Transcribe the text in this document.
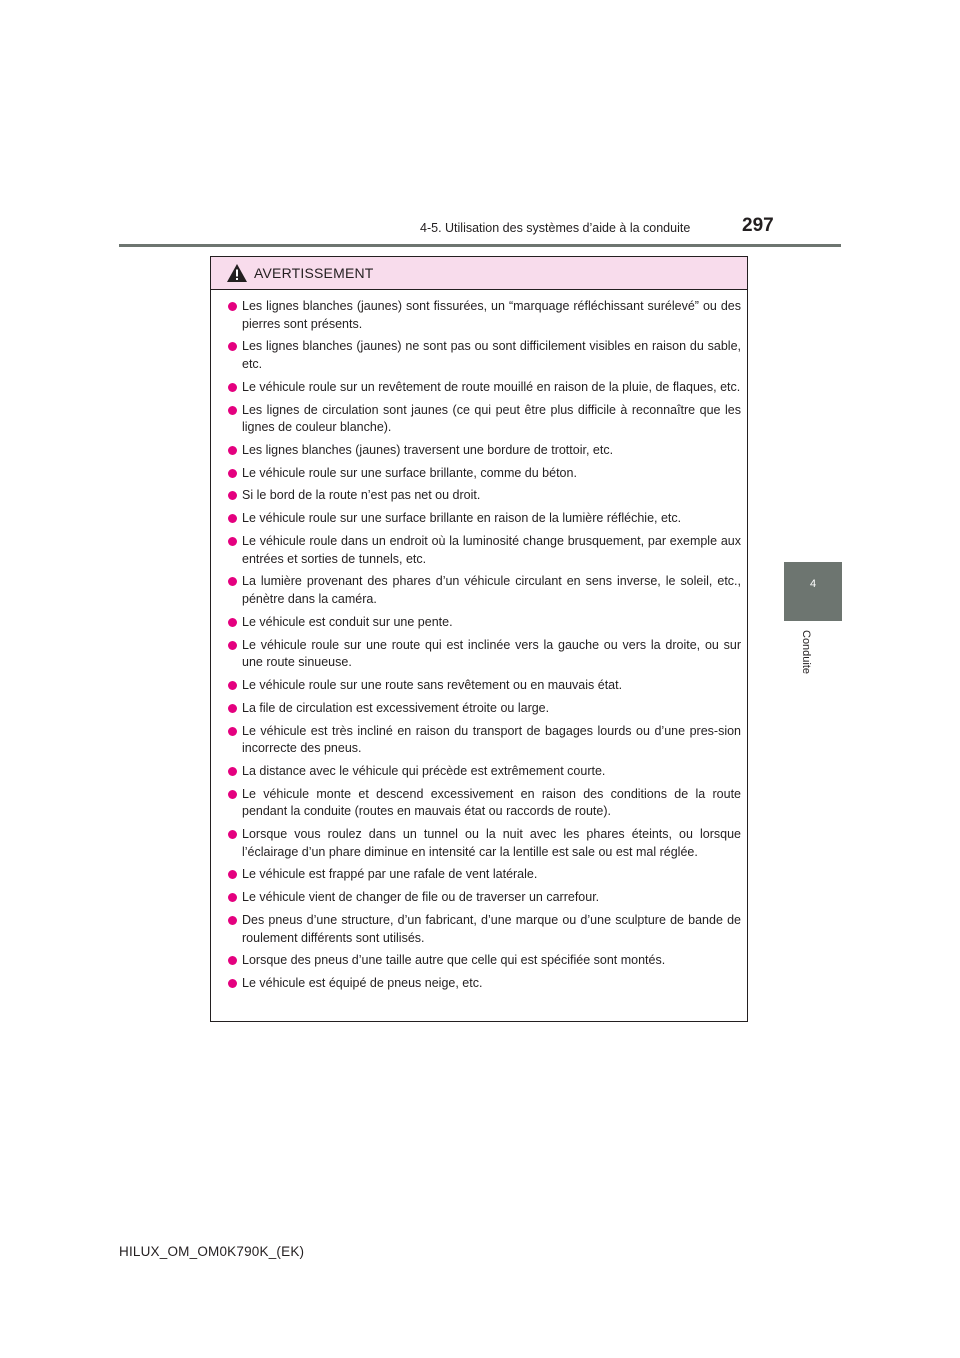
4-5. Utilisation des systèmes d’aide à la conduite	297
4
Conduite
AVERTISSEMENT
Les lignes blanches (jaunes) sont fissurées, un “marquage réfléchissant surélevé” ou des pierres sont présents.
Les lignes blanches (jaunes) ne sont pas ou sont difficilement visibles en raison du sable, etc.
Le véhicule roule sur un revêtement de route mouillé en raison de la pluie, de flaques, etc.
Les lignes de circulation sont jaunes (ce qui peut être plus difficile à reconnaître que les lignes de couleur blanche).
Les lignes blanches (jaunes) traversent une bordure de trottoir, etc.
Le véhicule roule sur une surface brillante, comme du béton.
Si le bord de la route n’est pas net ou droit.
Le véhicule roule sur une surface brillante en raison de la lumière réfléchie, etc.
Le véhicule roule dans un endroit où la luminosité change brusquement, par exemple aux entrées et sorties de tunnels, etc.
La lumière provenant des phares d’un véhicule circulant en sens inverse, le soleil, etc., pénètre dans la caméra.
Le véhicule est conduit sur une pente.
Le véhicule roule sur une route qui est inclinée vers la gauche ou vers la droite, ou sur une route sinueuse.
Le véhicule roule sur une route sans revêtement ou en mauvais état.
La file de circulation est excessivement étroite ou large.
Le véhicule est très incliné en raison du transport de bagages lourds ou d’une pres-sion incorrecte des pneus.
La distance avec le véhicule qui précède est extrêmement courte.
Le véhicule monte et descend excessivement en raison des conditions de la route pendant la conduite (routes en mauvais état ou raccords de route).
Lorsque vous roulez dans un tunnel ou la nuit avec les phares éteints, ou lorsque l’éclairage d’un phare diminue en intensité car la lentille est sale ou est mal réglée.
Le véhicule est frappé par une rafale de vent latérale.
Le véhicule vient de changer de file ou de traverser un carrefour.
Des pneus d’une structure, d’un fabricant, d’une marque ou d’une sculpture de bande de roulement différents sont utilisés.
Lorsque des pneus d’une taille autre que celle qui est spécifiée sont montés.
Le véhicule est équipé de pneus neige, etc.
HILUX_OM_OM0K790K_(EK)
